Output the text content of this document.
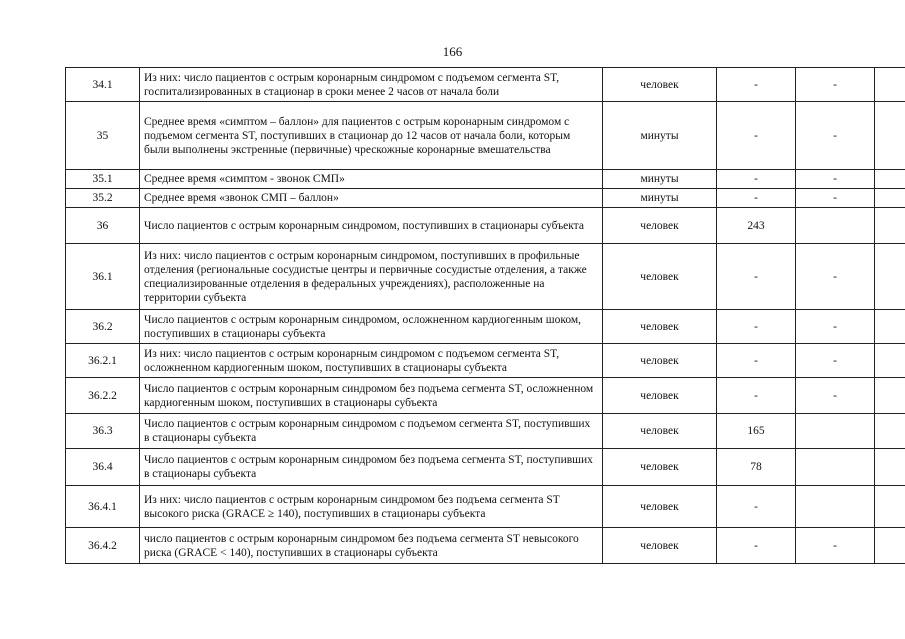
166
34.1	Из них: число пациентов с острым коронарным синдромом с подъемом сегмента ST, госпитализированных в стационар в сроки менее 2 часов от начала боли	человек	-	-	
35	Среднее время «симптом – баллон» для пациентов с острым коронарным синдромом с подъемом сегмента ST, поступивших в стационар до 12 часов от начала боли, которым были выполнены экстренные (первичные) чрескожные коронарные вмешательства	минуты	-	-	
35.1	Среднее время «симптом - звонок СМП»	минуты	-	-	
35.2	Среднее время «звонок СМП – баллон»	минуты	-	-	
36	Число пациентов с острым коронарным синдромом, поступивших в стационары субъекта	человек	243		
36.1	Из них: число пациентов с острым коронарным синдромом, поступивших в профильные отделения (региональные сосудистые центры и первичные сосудистые отделения, а также специализированные отделения в федеральных учреждениях), расположенные на территории субъекта	человек	-	-	
36.2	Число пациентов с острым коронарным синдромом, осложненном кардиогенным шоком, поступивших в стационары субъекта	человек	-	-	
36.2.1	Из них: число пациентов с острым коронарным синдромом с подъемом сегмента ST, осложненном кардиогенным шоком, поступивших в стационары субъекта	человек	-	-	
36.2.2	Число пациентов с острым коронарным синдромом без подъема сегмента ST, осложненном кардиогенным шоком, поступивших в стационары субъекта	человек	-	-	
36.3	Число пациентов с острым коронарным синдромом с подъемом сегмента ST, поступивших в стационары субъекта	человек	165		
36.4	Число пациентов с острым коронарным синдромом без подъема сегмента ST, поступивших в стационары субъекта	человек	78		
36.4.1	Из них: число пациентов с острым коронарным синдромом без подъема сегмента ST высокого риска (GRACE ≥ 140), поступивших в стационары субъекта	человек	-		
36.4.2	число пациентов с острым коронарным синдромом без подъема сегмента ST невысокого риска (GRACE < 140), поступивших в стационары субъекта	человек	-	-	
